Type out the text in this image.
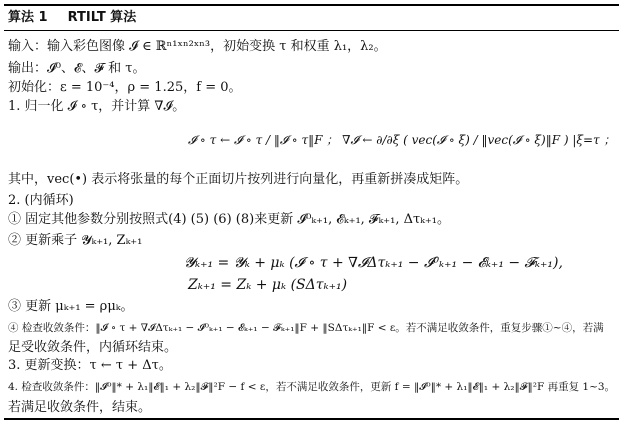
算法 1 RTILT 算法
输入：输入彩色图像 𝓘 ∈ ℝⁿ¹ˣⁿ²ˣⁿ³，初始变换 τ 和权重 λ₁，λ₂。
输出：𝓘⁰、𝓔、𝓕 和 τ。
初始化：ε = 10⁻⁴，ρ = 1.25，f = 0。
1. 归一化 𝓘 ∘ τ，并计算 ∇𝓘。
𝓘 ∘ τ ← 𝓘 ∘ τ / ‖𝓘 ∘ τ‖F ； ∇𝓘 ← ∂/∂ξ ( vec(𝓘 ∘ ξ) / ‖vec(𝓘 ∘ ξ)‖F ) |ξ=τ ；
其中，vec(•) 表示将张量的每个正面切片按列进行向量化，再重新拼凑成矩阵。
2. (内循环)
① 固定其他参数分别按照式(4) (5) (6) (8)来更新 𝓘⁰ₖ₊₁, 𝓔ₖ₊₁, 𝓕ₖ₊₁, Δτₖ₊₁。
② 更新乘子 𝓨ₖ₊₁, Zₖ₊₁
𝓨ₖ₊₁ = 𝓨ₖ + μₖ (𝓘 ∘ τ + ∇𝓘Δτₖ₊₁ − 𝓘⁰ₖ₊₁ − 𝓔ₖ₊₁ − 𝓕ₖ₊₁),
Zₖ₊₁ = Zₖ + μₖ (SΔτₖ₊₁)
③ 更新 μₖ₊₁ = ρμₖ。
④ 检查收敛条件：‖𝓘 ∘ τ + ∇𝓘Δτₖ₊₁ − 𝓘⁰ₖ₊₁ − 𝓔ₖ₊₁ − 𝓕ₖ₊₁‖F + ‖SΔτₖ₊₁‖F < ε。若不满足收敛条件，重复步骤①~④，若满
足受收敛条件，内循环结束。
3. 更新变换：τ ← τ + Δτ。
4. 检查收敛条件：‖𝓘⁰‖* + λ₁‖𝓔‖₁ + λ₂‖𝓕‖²F − f < ε，若不满足收敛条件，更新 f = ‖𝓘⁰‖* + λ₁‖𝓔‖₁ + λ₂‖𝓕‖²F 再重复 1~3。
若满足收敛条件，结束。
